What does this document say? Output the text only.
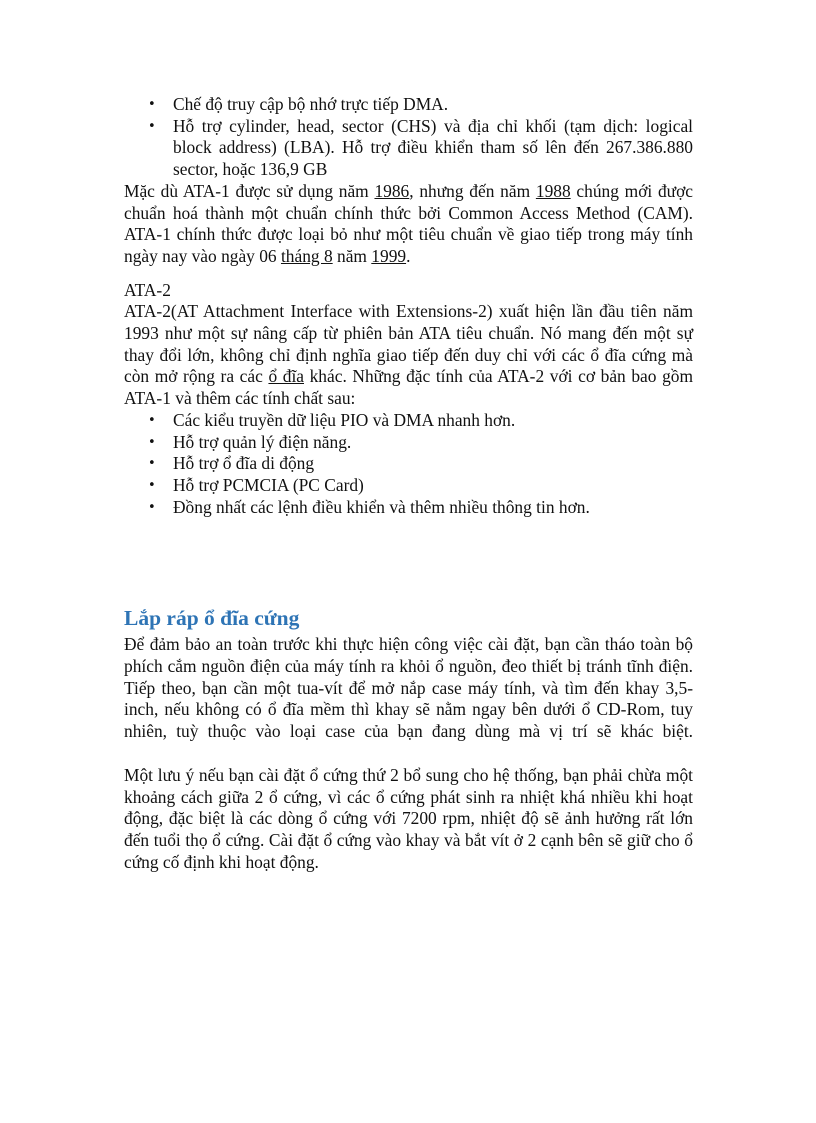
• Chế độ truy cập bộ nhớ trực tiếp DMA.
• Hỗ trợ cylinder, head, sector (CHS) và địa chỉ khối (tạm dịch: logical block address) (LBA). Hỗ trợ điều khiển tham số lên đến 267.386.880 sector, hoặc 136,9 GB

Mặc dù ATA-1 được sử dụng năm 1986, nhưng đến năm 1988 chúng mới được chuẩn hoá thành một chuẩn chính thức bởi Common Access Method (CAM). ATA-1 chính thức được loại bỏ như một tiêu chuẩn về giao tiếp trong máy tính ngày nay vào ngày 06 tháng 8 năm 1999.

ATA-2

ATA-2(AT Attachment Interface with Extensions-2) xuất hiện lần đầu tiên năm 1993 như một sự nâng cấp từ phiên bản ATA tiêu chuẩn. Nó mang đến một sự thay đổi lớn, không chỉ định nghĩa giao tiếp đến duy chỉ với các ổ đĩa cứng mà còn mở rộng ra các ổ đĩa khác. Những đặc tính của ATA-2 với cơ bản bao gồm ATA-1 và thêm các tính chất sau:

• Các kiểu truyền dữ liệu PIO và DMA nhanh hơn.
• Hỗ trợ quản lý điện năng.
• Hỗ trợ ổ đĩa di động
• Hỗ trợ PCMCIA (PC Card)
• Đồng nhất các lệnh điều khiển và thêm nhiều thông tin hơn.
Lắp ráp ổ đĩa cứng

Để đảm bảo an toàn trước khi thực hiện công việc cài đặt, bạn cần tháo toàn bộ phích cắm nguồn điện của máy tính ra khỏi ổ nguồn, đeo thiết bị tránh tĩnh điện. Tiếp theo, bạn cần một tua-vít để mở nắp case máy tính, và tìm đến khay 3,5-inch, nếu không có ổ đĩa mềm thì khay sẽ nằm ngay bên dưới ổ CD-Rom, tuy nhiên, tuỳ thuộc vào loại case của bạn đang dùng mà vị trí sẽ khác biệt.

Một lưu ý nếu bạn cài đặt ổ cứng thứ 2 bổ sung cho hệ thống, bạn phải chừa một khoảng cách giữa 2 ổ cứng, vì các ổ cứng phát sinh ra nhiệt khá nhiều khi hoạt động, đặc biệt là các dòng ổ cứng với 7200 rpm, nhiệt độ sẽ ảnh hưởng rất lớn đến tuổi thọ ổ cứng. Cài đặt ổ cứng vào khay và bắt vít ở 2 cạnh bên sẽ giữ cho ổ cứng cố định khi hoạt động.
